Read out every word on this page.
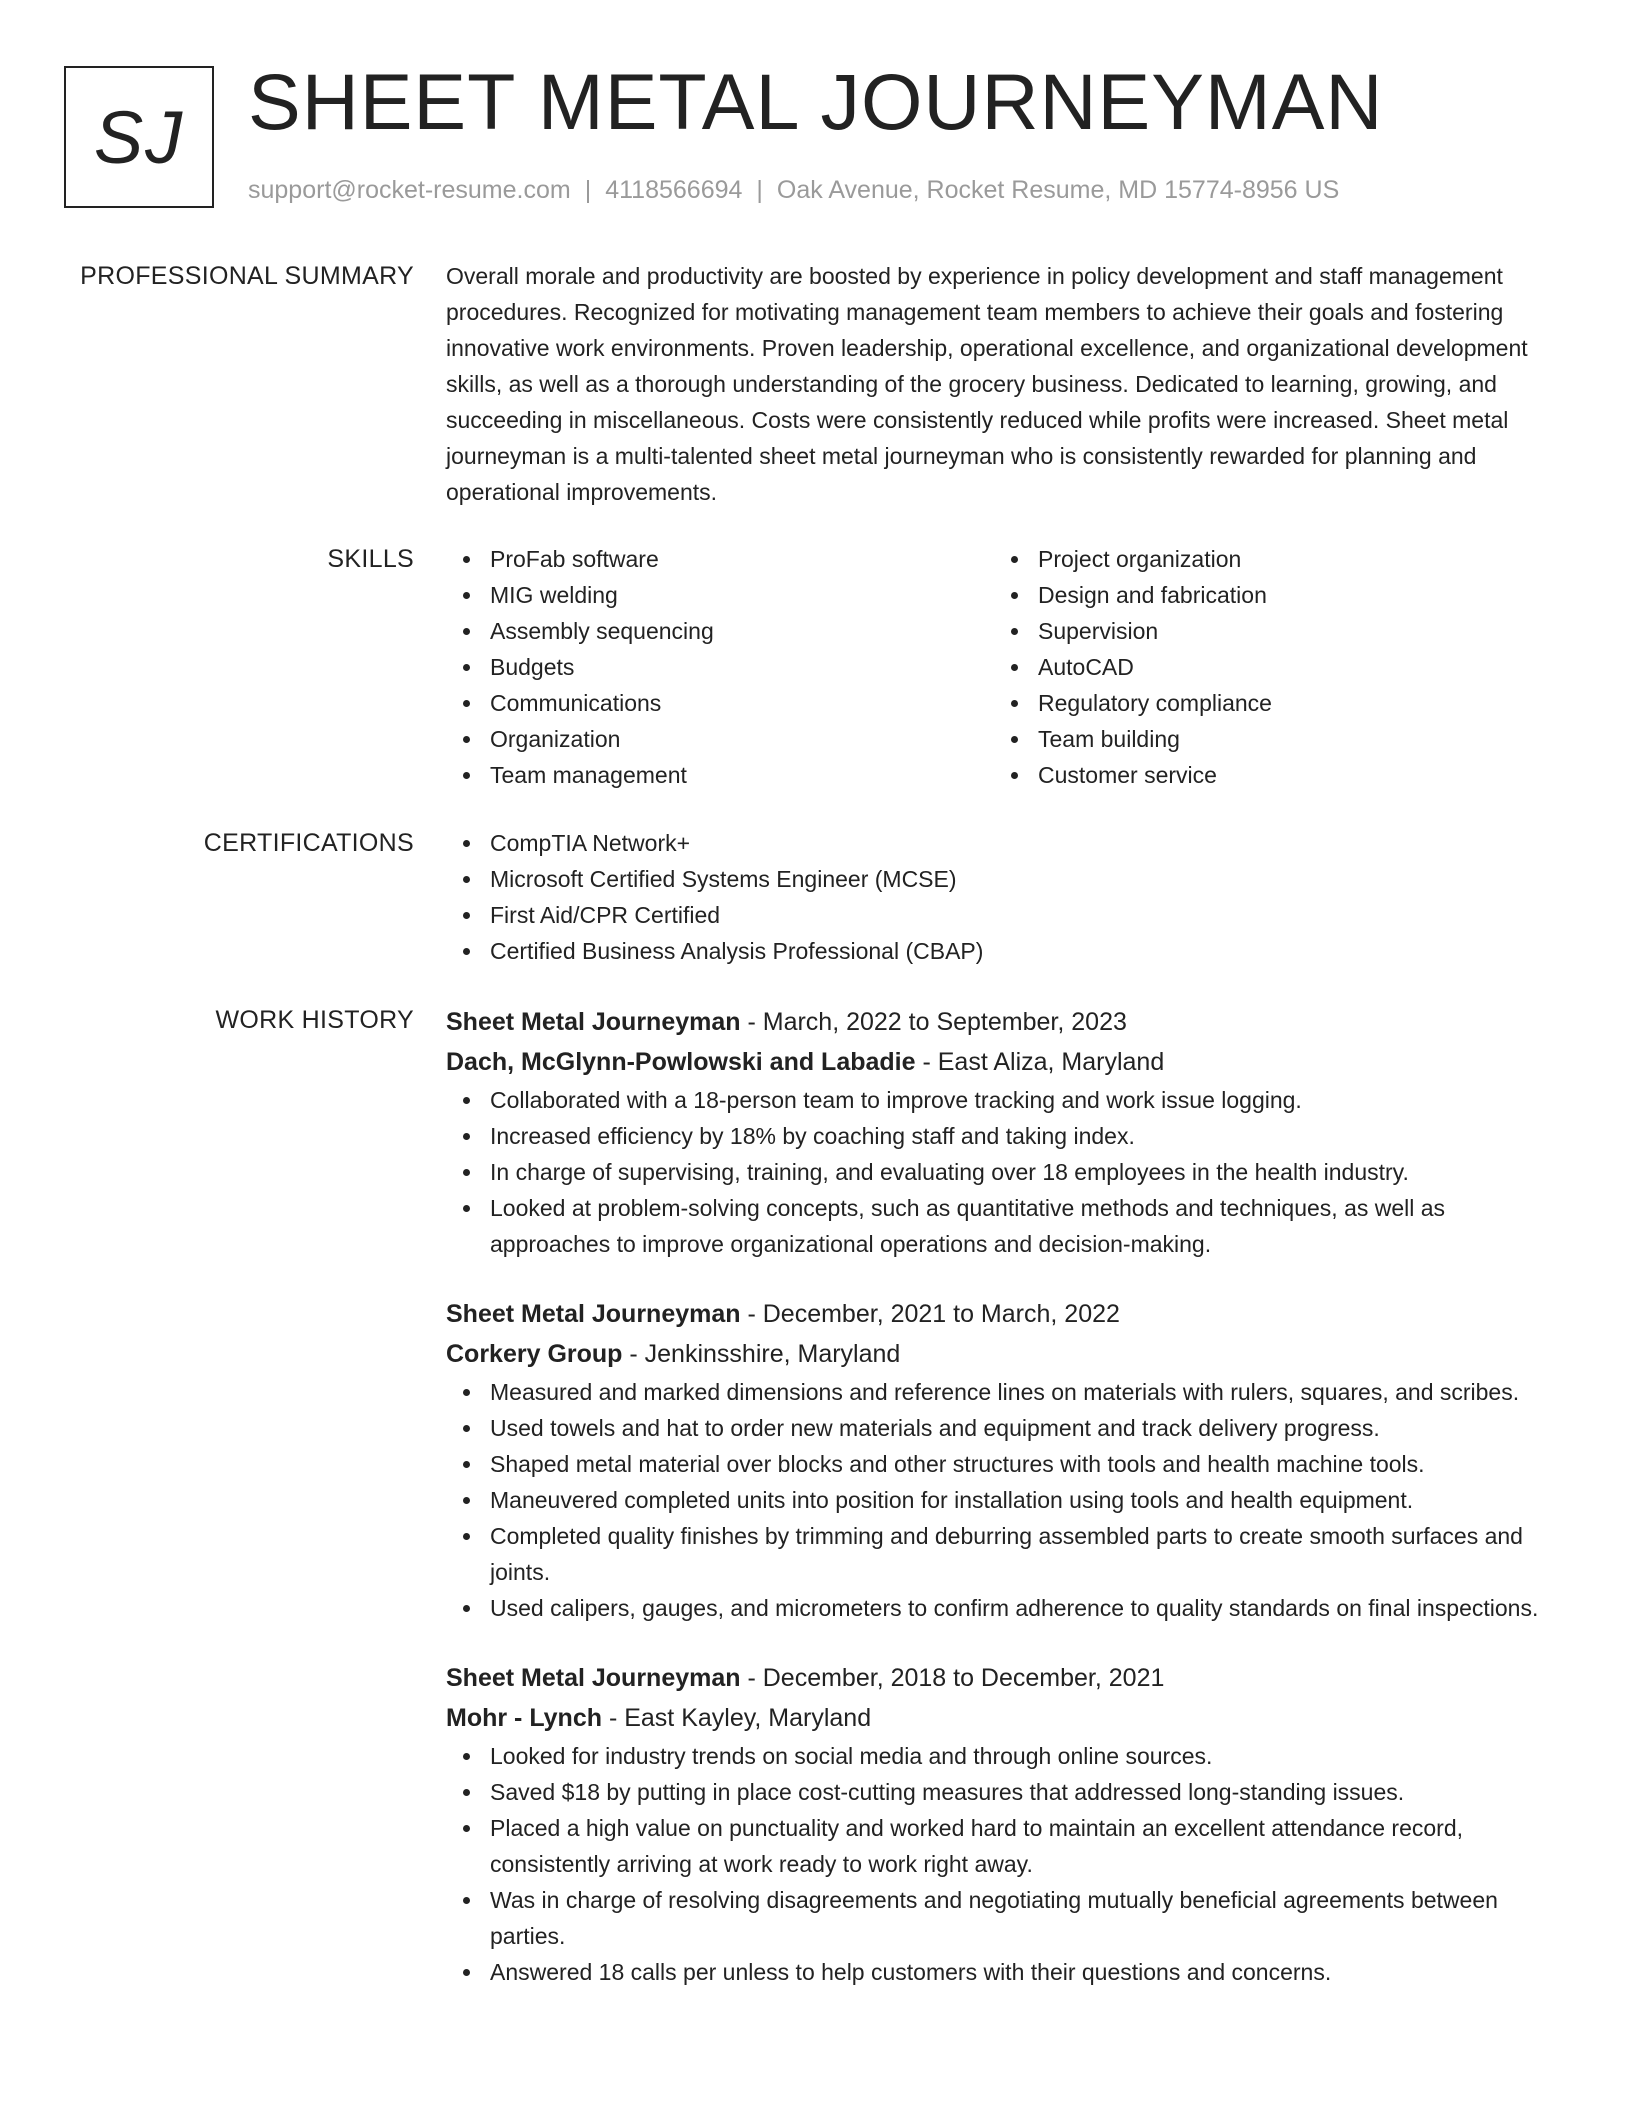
SJ SHEET METAL JOURNEYMAN
support@rocket-resume.com | 4118566694 | Oak Avenue, Rocket Resume, MD 15774-8956 US
PROFESSIONAL SUMMARY Overall morale and productivity are boosted by experience in policy development and staff management procedures. Recognized for motivating management team members to achieve their goals and fostering innovative work environments. Proven leadership, operational excellence, and organizational development skills, as well as a thorough understanding of the grocery business. Dedicated to learning, growing, and succeeding in miscellaneous. Costs were consistently reduced while profits were increased. Sheet metal journeyman is a multi-talented sheet metal journeyman who is consistently rewarded for planning and operational improvements.

SKILLS	ProFab software
MIG welding
Assembly sequencing
Budgets
Communications
Organization
Team management
Project organization
Design and fabrication
Supervision
AutoCAD
Regulatory compliance
Team building
Customer service
CERTIFICATIONS	CompTIA Network+
Microsoft Certified Systems Engineer (MCSE)
First Aid/CPR Certified
Certified Business Analysis Professional (CBAP)
WORK HISTORY Sheet Metal Journeyman - March, 2022 to September, 2023
Dach, McGlynn-Powlowski and Labadie - East Aliza, Maryland
Collaborated with a 18-person team to improve tracking and work issue logging.
Increased efficiency by 18% by coaching staff and taking index.
In charge of supervising, training, and evaluating over 18 employees in the health industry.
Looked at problem-solving concepts, such as quantitative methods and techniques, as well as approaches to improve organizational operations and decision-making.
Sheet Metal Journeyman - December, 2021 to March, 2022
Corkery Group - Jenkinsshire, Maryland
Measured and marked dimensions and reference lines on materials with rulers, squares, and scribes.
Used towels and hat to order new materials and equipment and track delivery progress.
Shaped metal material over blocks and other structures with tools and health machine tools.
Maneuvered completed units into position for installation using tools and health equipment.
Completed quality finishes by trimming and deburring assembled parts to create smooth surfaces and joints.
Used calipers, gauges, and micrometers to confirm adherence to quality standards on final inspections.
Sheet Metal Journeyman - December, 2018 to December, 2021
Mohr - Lynch - East Kayley, Maryland
Looked for industry trends on social media and through online sources.
Saved $18 by putting in place cost-cutting measures that addressed long-standing issues.
Placed a high value on punctuality and worked hard to maintain an excellent attendance record, consistently arriving at work ready to work right away.
Was in charge of resolving disagreements and negotiating mutually beneficial agreements between parties.
Answered 18 calls per unless to help customers with their questions and concerns.
